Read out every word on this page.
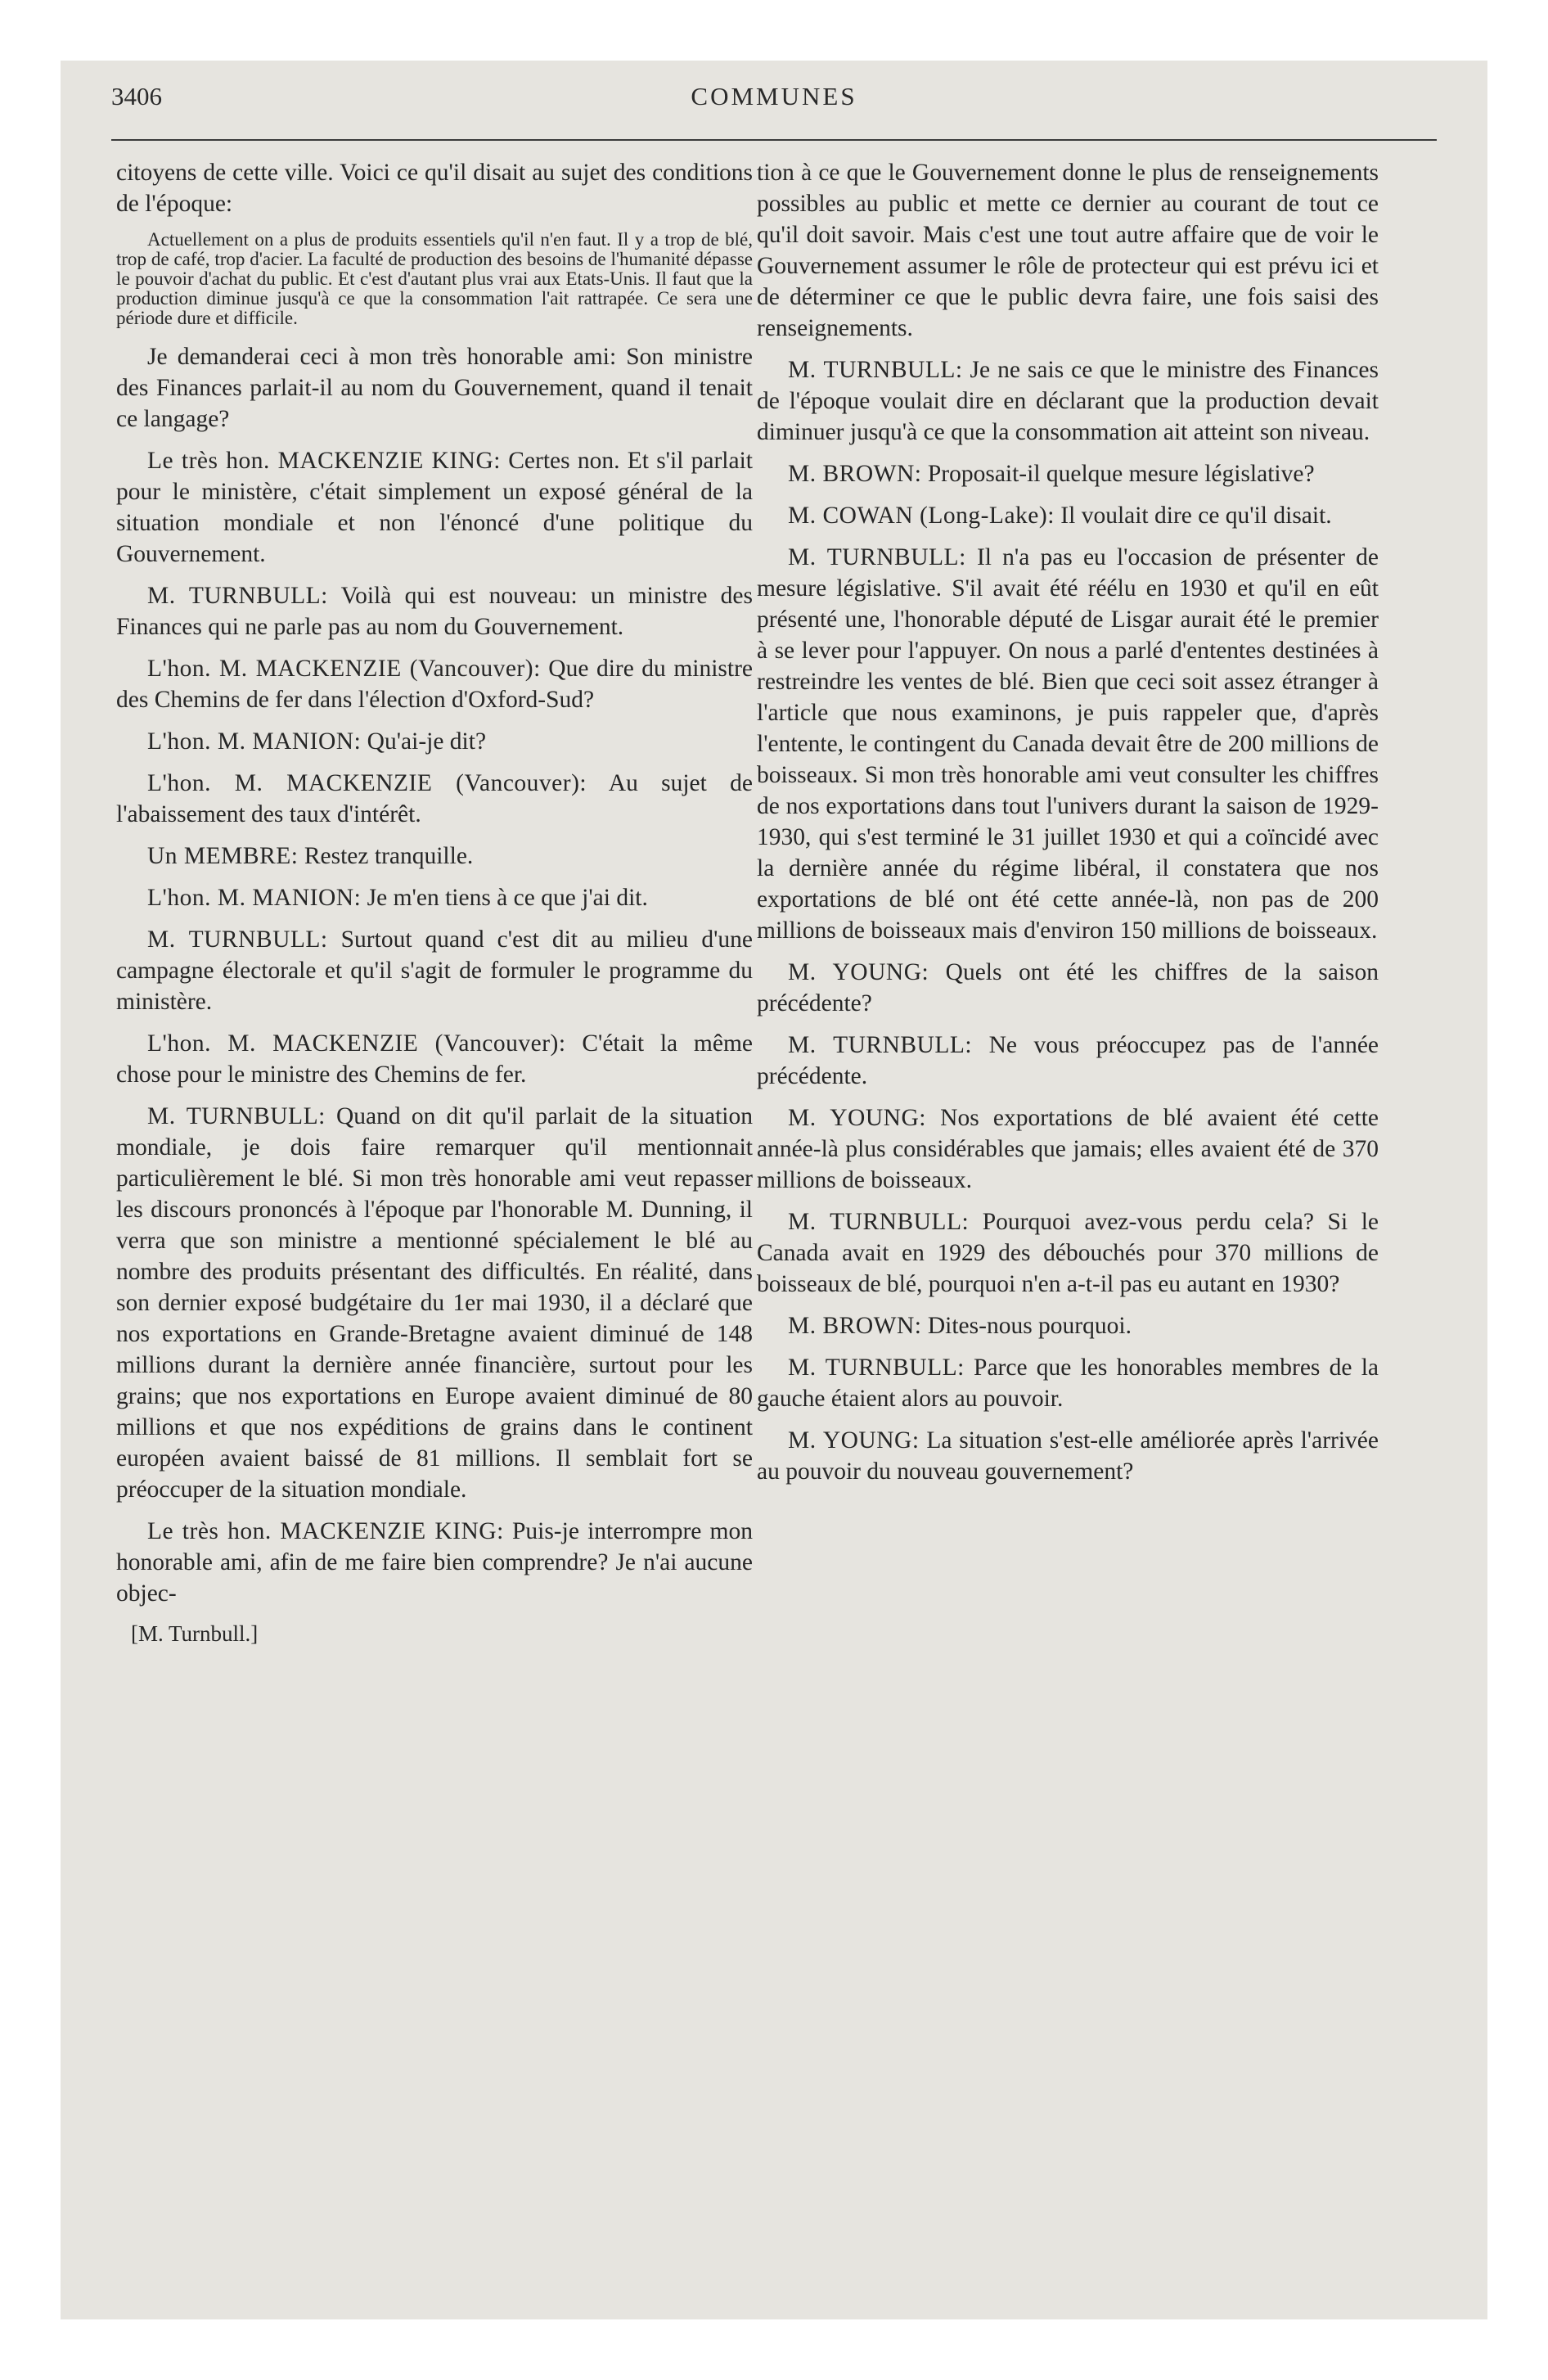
3406	COMMUNES

citoyens de cette ville. Voici ce qu'il disait au sujet des conditions de l'époque:

Actuellement on a plus de produits essentiels qu'il n'en faut. Il y a trop de blé, trop de café, trop d'acier. La faculté de production des besoins de l'humanité dépasse le pouvoir d'achat du public. Et c'est d'autant plus vrai aux Etats-Unis. Il faut que la production diminue jusqu'à ce que la consommation l'ait rattrapée. Ce sera une période dure et difficile.

Je demanderai ceci à mon très honorable ami: Son ministre des Finances parlait-il au nom du Gouvernement, quand il tenait ce langage?

Le très hon. MACKENZIE KING: Certes non. Et s'il parlait pour le ministère, c'était simplement un exposé général de la situation mondiale et non l'énoncé d'une politique du Gouvernement.

M. TURNBULL: Voilà qui est nouveau: un ministre des Finances qui ne parle pas au nom du Gouvernement.

L'hon. M. MACKENZIE (Vancouver): Que dire du ministre des Chemins de fer dans l'élection d'Oxford-Sud?

L'hon. M. MANION: Qu'ai-je dit?

L'hon. M. MACKENZIE (Vancouver): Au sujet de l'abaissement des taux d'intérêt.

Un MEMBRE: Restez tranquille.

L'hon. M. MANION: Je m'en tiens à ce que j'ai dit.

M. TURNBULL: Surtout quand c'est dit au milieu d'une campagne électorale et qu'il s'agit de formuler le programme du ministère.

L'hon. M. MACKENZIE (Vancouver): C'était la même chose pour le ministre des Chemins de fer.

M. TURNBULL: Quand on dit qu'il parlait de la situation mondiale, je dois faire remarquer qu'il mentionnait particulièrement le blé. Si mon très honorable ami veut repasser les discours prononcés à l'époque par l'honorable M. Dunning, il verra que son ministre a mentionné spécialement le blé au nombre des produits présentant des difficultés. En réalité, dans son dernier exposé budgétaire du 1er mai 1930, il a déclaré que nos exportations en Grande-Bretagne avaient diminué de 148 millions durant la dernière année financière, surtout pour les grains; que nos exportations en Europe avaient diminué de 80 millions et que nos expéditions de grains dans le continent européen avaient baissé de 81 millions. Il semblait fort se préoccuper de la situation mondiale.

Le très hon. MACKENZIE KING: Puis-je interrompre mon honorable ami, afin de me faire bien comprendre? Je n'ai aucune objec-

[M. Turnbull.]

tion à ce que le Gouvernement donne le plus de renseignements possibles au public et mette ce dernier au courant de tout ce qu'il doit savoir. Mais c'est une tout autre affaire que de voir le Gouvernement assumer le rôle de protecteur qui est prévu ici et de déterminer ce que le public devra faire, une fois saisi des renseignements.

M. TURNBULL: Je ne sais ce que le ministre des Finances de l'époque voulait dire en déclarant que la production devait diminuer jusqu'à ce que la consommation ait atteint son niveau.

M. BROWN: Proposait-il quelque mesure législative?

M. COWAN (Long-Lake): Il voulait dire ce qu'il disait.

M. TURNBULL: Il n'a pas eu l'occasion de présenter de mesure législative. S'il avait été réélu en 1930 et qu'il en eût présenté une, l'honorable député de Lisgar aurait été le premier à se lever pour l'appuyer. On nous a parlé d'ententes destinées à restreindre les ventes de blé. Bien que ceci soit assez étranger à l'article que nous examinons, je puis rappeler que, d'après l'entente, le contingent du Canada devait être de 200 millions de boisseaux. Si mon très honorable ami veut consulter les chiffres de nos exportations dans tout l'univers durant la saison de 1929-1930, qui s'est terminé le 31 juillet 1930 et qui a coïncidé avec la dernière année du régime libéral, il constatera que nos exportations de blé ont été cette année-là, non pas de 200 millions de boisseaux mais d'environ 150 millions de boisseaux.

M. YOUNG: Quels ont été les chiffres de la saison précédente?

M. TURNBULL: Ne vous préoccupez pas de l'année précédente.

M. YOUNG: Nos exportations de blé avaient été cette année-là plus considérables que jamais; elles avaient été de 370 millions de boisseaux.

M. TURNBULL: Pourquoi avez-vous perdu cela? Si le Canada avait en 1929 des débouchés pour 370 millions de boisseaux de blé, pourquoi n'en a-t-il pas eu autant en 1930?

M. BROWN: Dites-nous pourquoi.

M. TURNBULL: Parce que les honorables membres de la gauche étaient alors au pouvoir.

M. YOUNG: La situation s'est-elle améliorée après l'arrivée au pouvoir du nouveau gouvernement?
